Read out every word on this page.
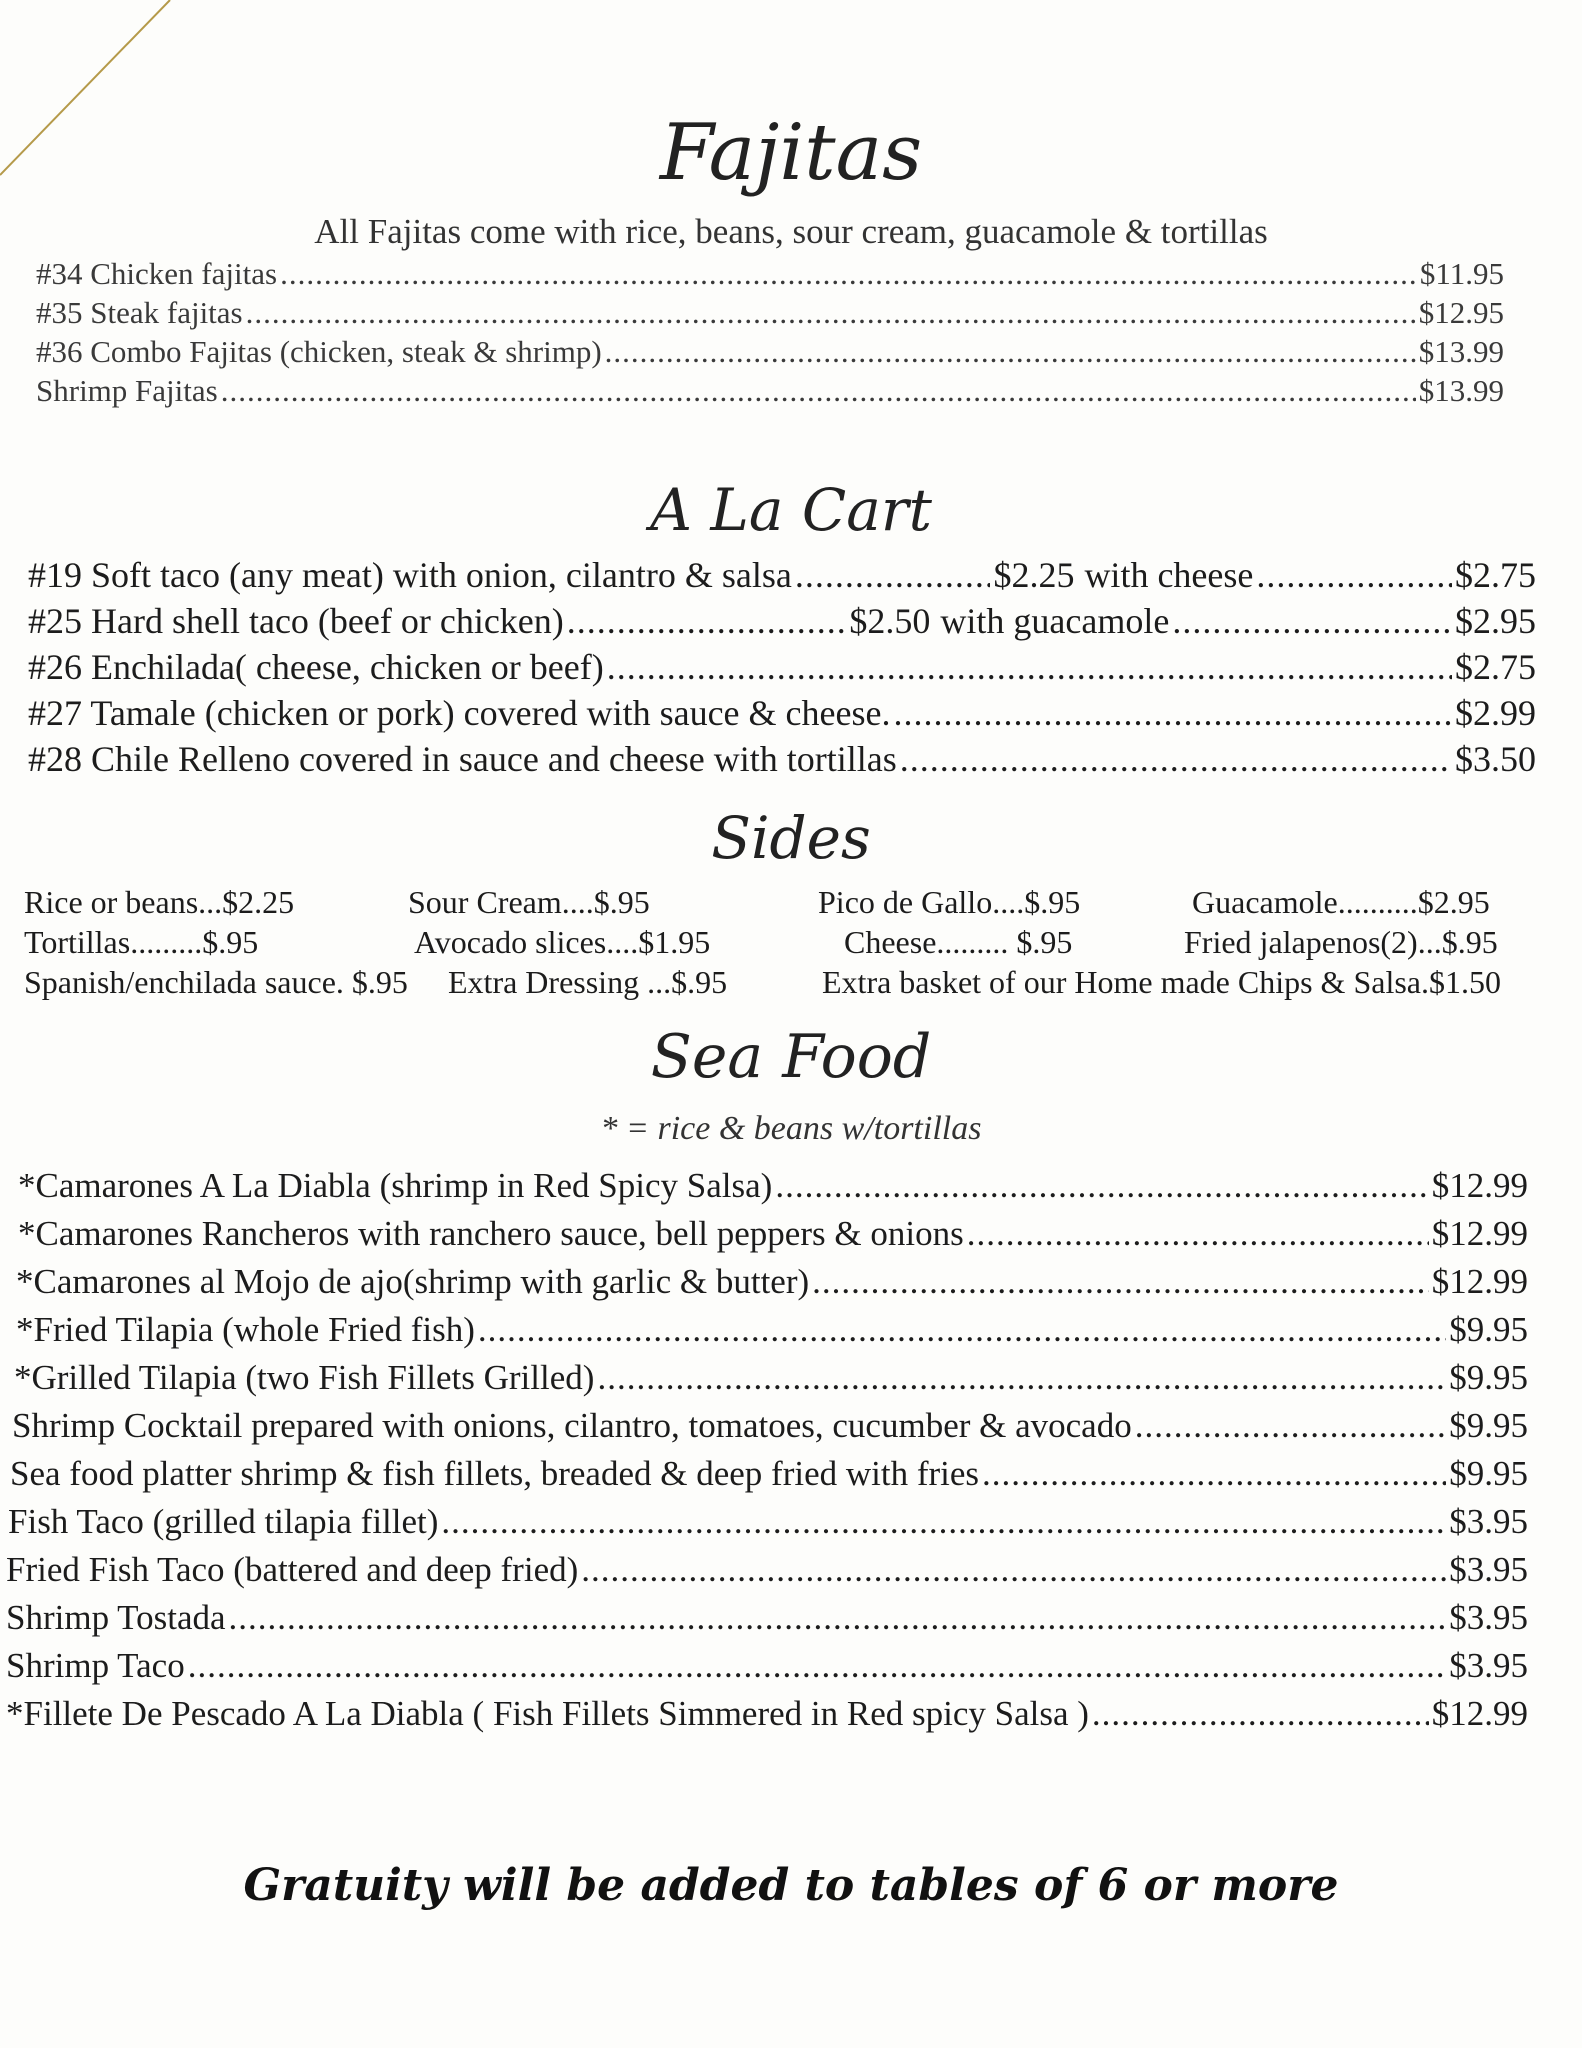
Fajitas
All Fajitas come with rice, beans, sour cream, guacamole & tortillas
#34 Chicken fajitas .....	$11.95
#35 Steak fajitas .....	$12.95
#36 Combo Fajitas (chicken, steak & shrimp) .....	$13.99
Shrimp Fajitas .....	$13.99
A La Cart
#19 Soft taco (any meat) with onion, cilantro & salsa .....	$2.25 with cheese .....	$2.75
#25 Hard shell taco (beef or chicken) .....	$2.50 with guacamole .....	$2.95
#26 Enchilada( cheese, chicken or beef) .....	$2.75
#27 Tamale (chicken or pork) covered with sauce & cheese. .....	$2.99
#28 Chile Relleno covered in sauce and cheese with tortillas .....	$3.50
Sides
Rice or beans...$2.25	Sour Cream....$.95	Pico de Gallo....$.95	Guacamole..........$2.95
Tortillas.........$.95	Avocado slices....$1.95	Cheese......... $.95	Fried jalapenos(2)...$.95
Spanish/enchilada sauce. $.95	Extra Dressing ...$.95	Extra basket of our Home made Chips & Salsa.$1.50
Sea Food
* = rice & beans w/tortillas
*Camarones A La Diabla (shrimp in Red Spicy Salsa) .....	$12.99
*Camarones Rancheros with ranchero sauce, bell peppers & onions .....	$12.99
*Camarones al Mojo de ajo(shrimp with garlic & butter) .....	$12.99
*Fried Tilapia (whole Fried fish) .....	$9.95
*Grilled Tilapia (two Fish Fillets Grilled) .....	$9.95
Shrimp Cocktail prepared with onions, cilantro, tomatoes, cucumber & avocado .....	$9.95
Sea food platter shrimp & fish fillets, breaded & deep fried with fries .....	$9.95
Fish Taco (grilled tilapia fillet) .....	$3.95
Fried Fish Taco (battered and deep fried) .....	$3.95
Shrimp Tostada .....	$3.95
Shrimp Taco .....	$3.95
*Fillete De Pescado A La Diabla ( Fish Fillets Simmered in Red spicy Salsa ) .....	$12.99
Gratuity will be added to tables of 6 or more
